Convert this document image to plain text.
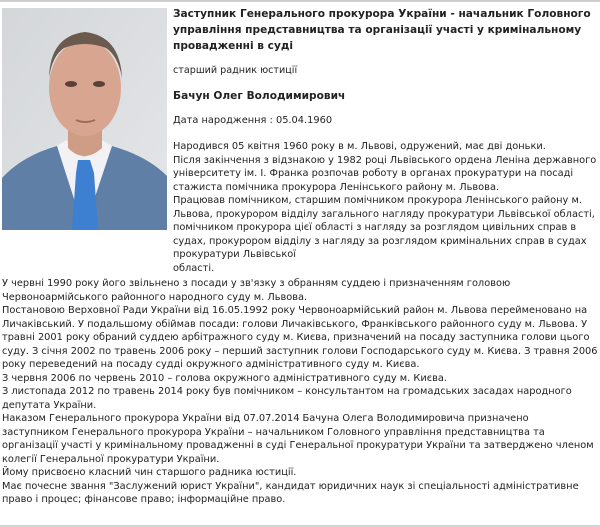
Заступник Генерального прокурора України - начальник Головного управління представництва та організації участі у кримінальному провадженні в суді

старший радник юстиції

Бачун Олег Володимирович

Дата народження : 05.04.1960

Народився 05 квітня 1960 року в м. Львові, одружений, має дві доньки.

Після закінчення з відзнакою у 1982 році Львівського ордена Леніна державного університету ім. І. Франка розпочав роботу в органах прокуратури на посаді стажиста помічника прокурора Ленінського району м. Львова.

Працював помічником, старшим помічником прокурора Ленінського району м. Львова, прокурором відділу загального нагляду прокуратури Львівської області, помічником прокурора цієї області з нагляду за розглядом цивільних справ в судах, прокурором відділу з нагляду за розглядом кримінальних справ в судах прокуратури Львівської

області.

У червні 1990 року його звільнено з посади у зв'язку з обранням суддею і призначенням головою Червоноармійського районного народного суду м. Львова.

Постановою Верховної Ради України від 16.05.1992 року Червоноармійський район м. Львова перейменовано на Личаківський. У подальшому обіймав посади: голови Личаківського, Франківського районного суду м. Львова. У травні 2001 року обраний суддею арбітражного суду м. Києва, призначений на посаду заступника голови цього суду. З січня 2002 по травень 2006 року – перший заступник голови Господарського суду м. Києва. З травня 2006 року переведений на посаду судді окружного адміністративного суду м. Києва.

З червня 2006 по червень 2010 – голова окружного адміністративного суду м. Києва.

З листопада 2012 по травень 2014 року був помічником – консультантом на громадських засадах народного депутата України.

Наказом Генерального прокурора України від 07.07.2014 Бачуна Олега Володимировича призначено заступником Генерального прокурора України – начальником Головного управління представництва та організації участі у кримінальному провадженні в суді Генеральної прокуратури України та затверджено членом колегії Генеральної прокуратури України.

Йому присвоєно класний чин старшого радника юстиції.

Має почесне звання "Заслужений юрист України", кандидат юридичних наук зі спеціальності адміністративне право і процес; фінансове право; інформаційне право.
